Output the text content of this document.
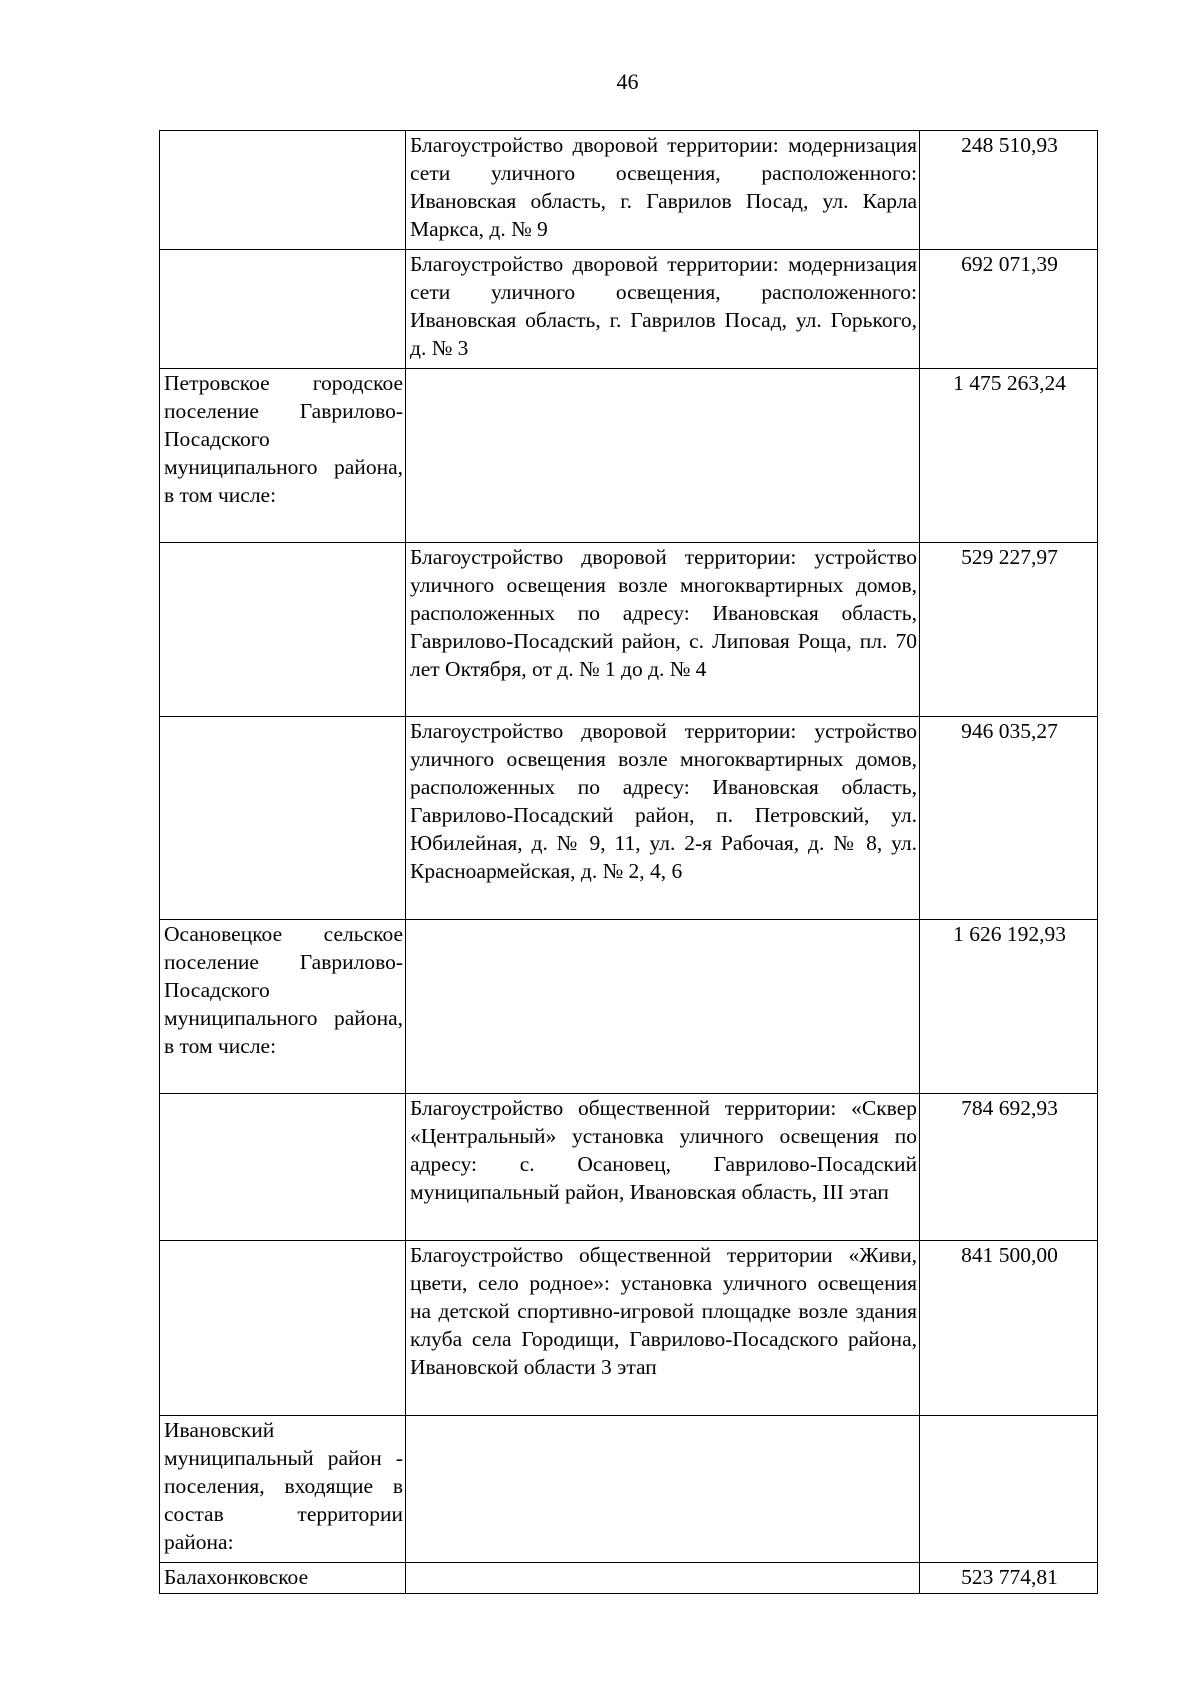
46
	Благоустройство дворовой территории: модернизация сети уличного освещения, расположенного: Ивановская область, г. Гаврилов Посад, ул. Карла Маркса, д. № 9	248 510,93
	Благоустройство дворовой территории: модернизация сети уличного освещения, расположенного: Ивановская область, г. Гаврилов Посад, ул. Горького, д. № 3	692 071,39
Петровское городское поселение Гаврилово-Посадского муниципального района, в том числе:		1 475 263,24
	Благоустройство дворовой территории: устройство уличного освещения возле многоквартирных домов, расположенных по адресу: Ивановская область, Гаврилово-Посадский район, с. Липовая Роща, пл. 70 лет Октября, от д. № 1 до д. № 4	529 227,97
	Благоустройство дворовой территории: устройство уличного освещения возле многоквартирных домов, расположенных по адресу: Ивановская область, Гаврилово-Посадский район, п. Петровский, ул. Юбилейная, д. № 9, 11, ул. 2-я Рабочая, д. № 8, ул. Красноармейская, д. № 2, 4, 6	946 035,27
Осановецкое сельское поселение Гаврилово-Посадского муниципального района, в том числе:		1 626 192,93
	Благоустройство общественной территории: «Сквер «Центральный» установка уличного освещения по адресу: с. Осановец, Гаврилово-Посадский муниципальный район, Ивановская область, III этап	784 692,93
	Благоустройство общественной территории «Живи, цвети, село родное»: установка уличного освещения на детской спортивно-игровой площадке возле здания клуба села Городищи, Гаврилово-Посадского района, Ивановской области 3 этап	841 500,00
Ивановский муниципальный район - поселения, входящие в состав территории района:		
Балахонковское		523 774,81
